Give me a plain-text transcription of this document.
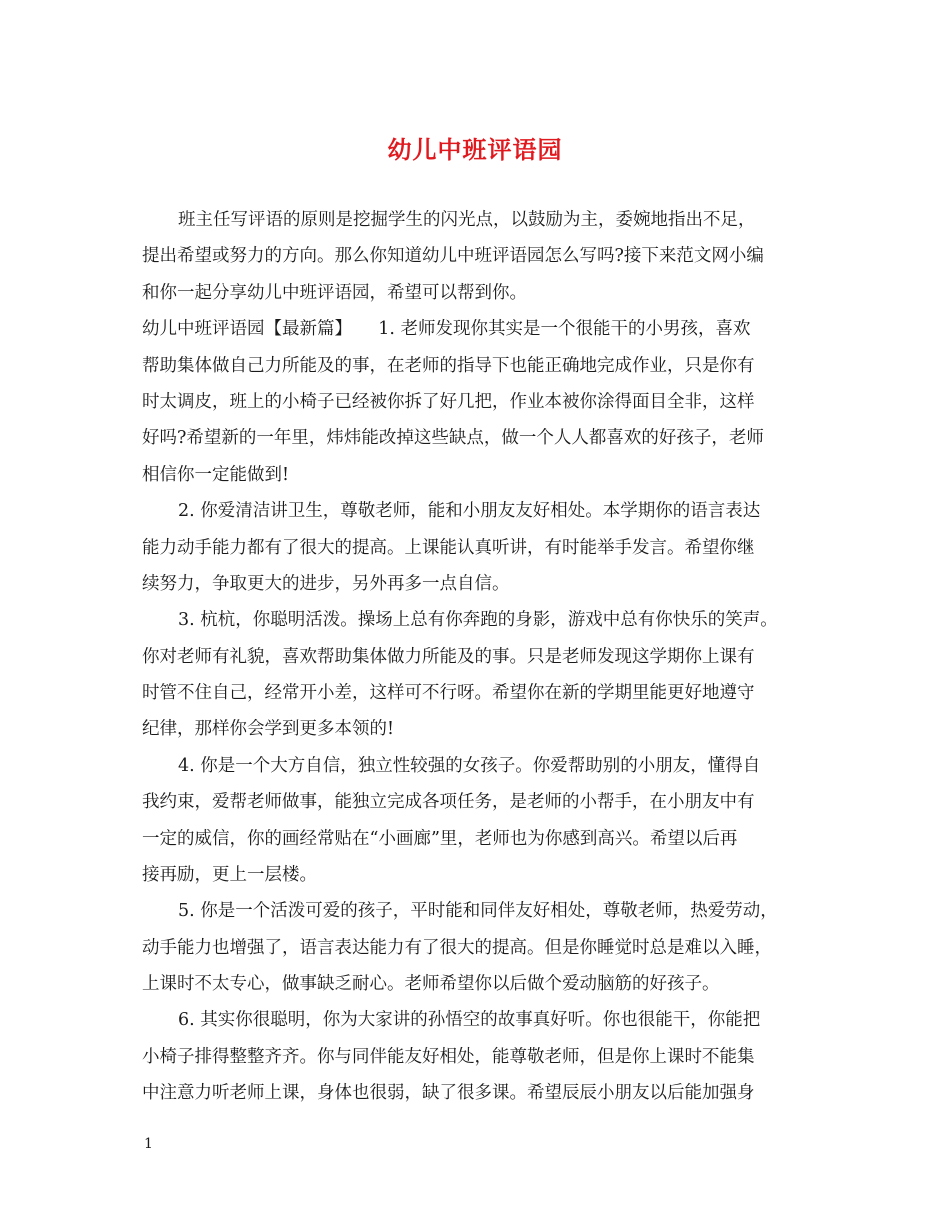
幼儿中班评语园
班主任写评语的原则是挖掘学生的闪光点，以鼓励为主，委婉地指出不足，
提出希望或努力的方向。那么你知道幼儿中班评语园怎么写吗?接下来范文网小编
和你一起分享幼儿中班评语园，希望可以帮到你。
幼儿中班评语园【最新篇】　　1. 老师发现你其实是一个很能干的小男孩，喜欢
帮助集体做自己力所能及的事，在老师的指导下也能正确地完成作业，只是你有
时太调皮，班上的小椅子已经被你拆了好几把，作业本被你涂得面目全非，这样
好吗?希望新的一年里，炜炜能改掉这些缺点，做一个人人都喜欢的好孩子，老师
相信你一定能做到!
2. 你爱清洁讲卫生，尊敬老师，能和小朋友友好相处。本学期你的语言表达
能力动手能力都有了很大的提高。上课能认真听讲，有时能举手发言。希望你继
续努力，争取更大的进步，另外再多一点自信。
3. 杭杭，你聪明活泼。操场上总有你奔跑的身影，游戏中总有你快乐的笑声。
你对老师有礼貌，喜欢帮助集体做力所能及的事。只是老师发现这学期你上课有
时管不住自己，经常开小差，这样可不行呀。希望你在新的学期里能更好地遵守
纪律，那样你会学到更多本领的!
4. 你是一个大方自信，独立性较强的女孩子。你爱帮助别的小朋友，懂得自
我约束，爱帮老师做事，能独立完成各项任务，是老师的小帮手，在小朋友中有
一定的威信，你的画经常贴在“小画廊”里，老师也为你感到高兴。希望以后再
接再励，更上一层楼。
5. 你是一个活泼可爱的孩子，平时能和同伴友好相处，尊敬老师，热爱劳动，
动手能力也增强了，语言表达能力有了很大的提高。但是你睡觉时总是难以入睡，
上课时不太专心，做事缺乏耐心。老师希望你以后做个爱动脑筋的好孩子。
6. 其实你很聪明，你为大家讲的孙悟空的故事真好听。你也很能干，你能把
小椅子排得整整齐齐。你与同伴能友好相处，能尊敬老师，但是你上课时不能集
中注意力听老师上课，身体也很弱，缺了很多课。希望辰辰小朋友以后能加强身
1
